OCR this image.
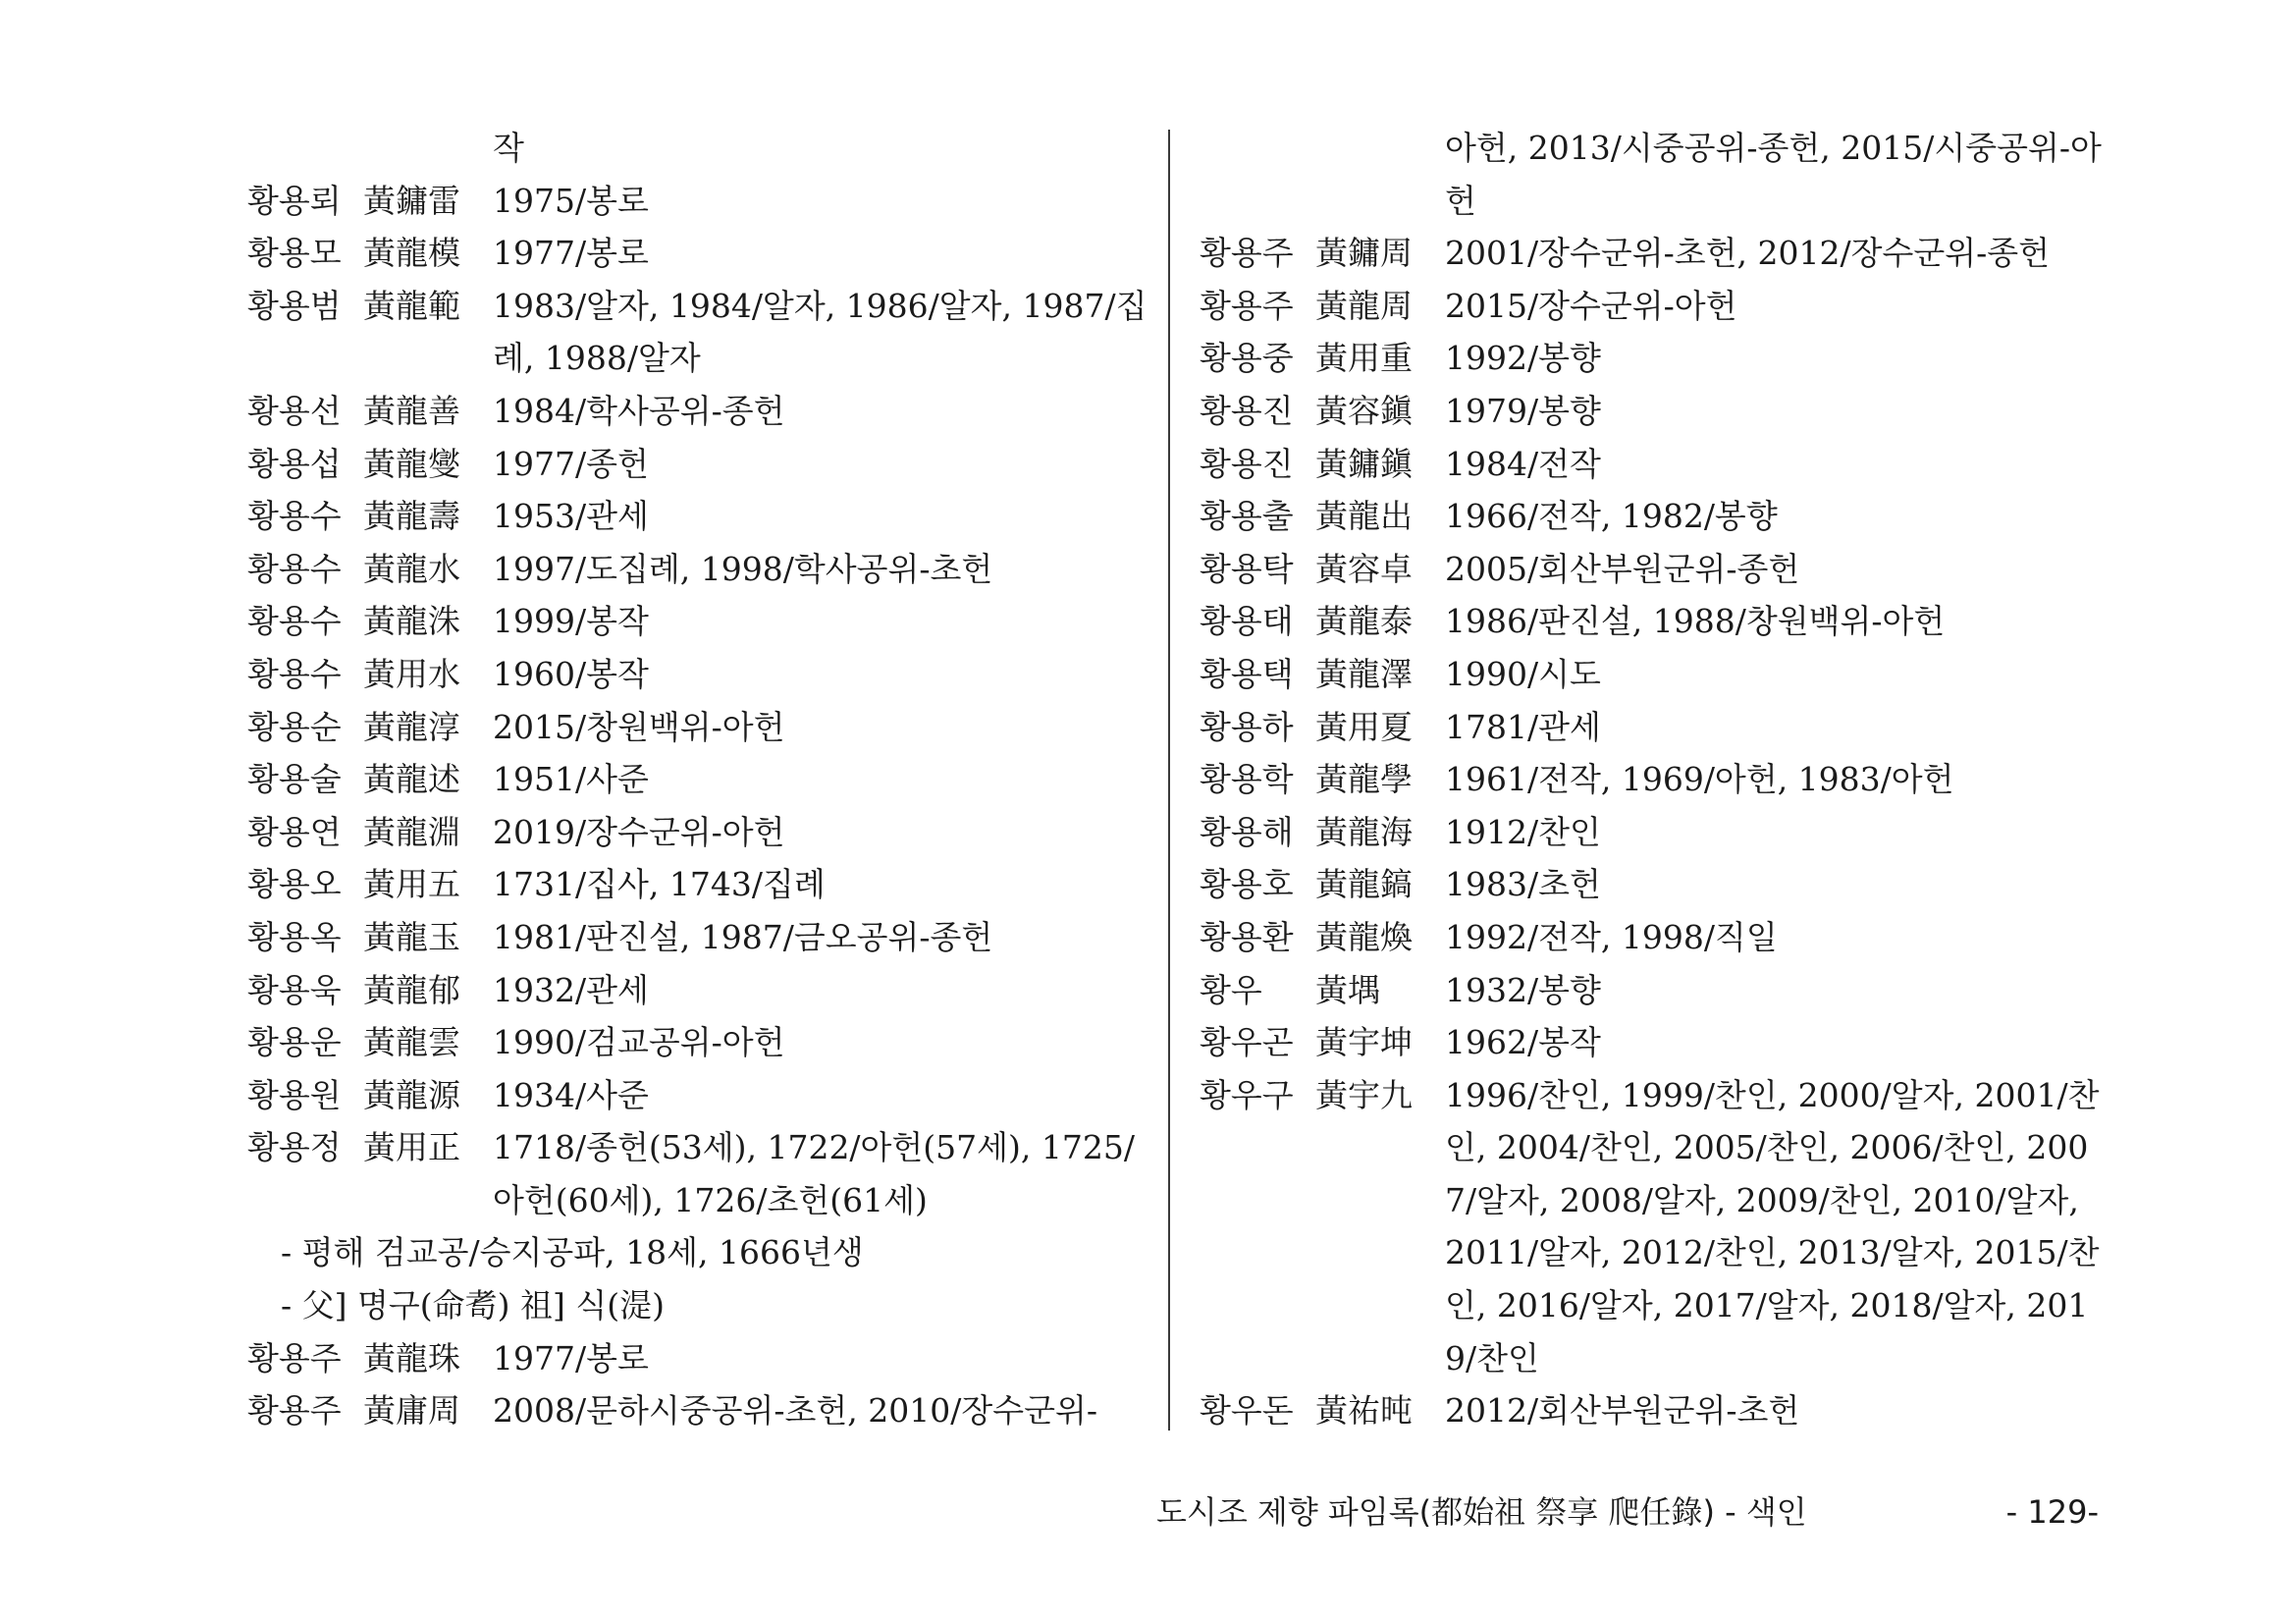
작
황용뢰 黃鏞雷	1975/봉로
황용모 黃龍模	1977/봉로
황용범 黃龍範	1983/알자, 1984/알자, 1986/알자, 1987/집례, 1988/알자
황용선 黃龍善	1984/학사공위-종헌
황용섭 黃龍燮	1977/종헌
황용수 黃龍壽	1953/관세
황용수 黃龍水	1997/도집례, 1998/학사공위-초헌
황용수 黃龍洙	1999/봉작
황용수 黃用水	1960/봉작
황용순 黃龍淳	2015/창원백위-아헌
황용술 黃龍述	1951/사준
황용연 黃龍淵	2019/장수군위-아헌
황용오 黃用五	1731/집사, 1743/집례
황용옥 黃龍玉	1981/판진설, 1987/금오공위-종헌
황용욱 黃龍郁	1932/관세
황용운 黃龍雲	1990/검교공위-아헌
황용원 黃龍源	1934/사준
황용정 黃用正	1718/종헌(53세), 1722/아헌(57세), 1725/아헌(60세), 1726/초헌(61세)
- 평해 검교공/승지공파, 18세, 1666년생
- 父] 명구(命耉) 祖] 식(湜)
황용주 黃龍珠	1977/봉로
황용주 黃庸周	2008/문하시중공위-초헌, 2010/장수군위-
아헌, 2013/시중공위-종헌, 2015/시중공위-아헌
황용주 黃鏞周	2001/장수군위-초헌, 2012/장수군위-종헌
황용주 黃龍周	2015/장수군위-아헌
황용중 黃用重	1992/봉향
황용진 黃容鎭	1979/봉향
황용진 黃鏞鎭	1984/전작
황용출 黃龍出	1966/전작, 1982/봉향
황용탁 黃容卓	2005/회산부원군위-종헌
황용태 黃龍泰	1986/판진설, 1988/창원백위-아헌
황용택 黃龍澤	1990/시도
황용하 黃用夏	1781/관세
황용학 黃龍學	1961/전작, 1969/아헌, 1983/아헌
황용해 黃龍海	1912/찬인
황용호 黃龍鎬	1983/초헌
황용환 黃龍煥	1992/전작, 1998/직일
황우	黃堣	1932/봉향
황우곤 黃宇坤	1962/봉작
황우구 黃宇九	1996/찬인, 1999/찬인, 2000/알자, 2001/찬인, 2004/찬인, 2005/찬인, 2006/찬인, 2007/알자, 2008/알자, 2009/찬인, 2010/알자, 2011/알자, 2012/찬인, 2013/알자, 2015/찬인, 2016/알자, 2017/알자, 2018/알자, 2019/찬인
황우돈 黃祐旽	2012/회산부원군위-초헌
도시조 제향 파임록(都始祖 祭享 爬任錄) - 색인	- 129-
